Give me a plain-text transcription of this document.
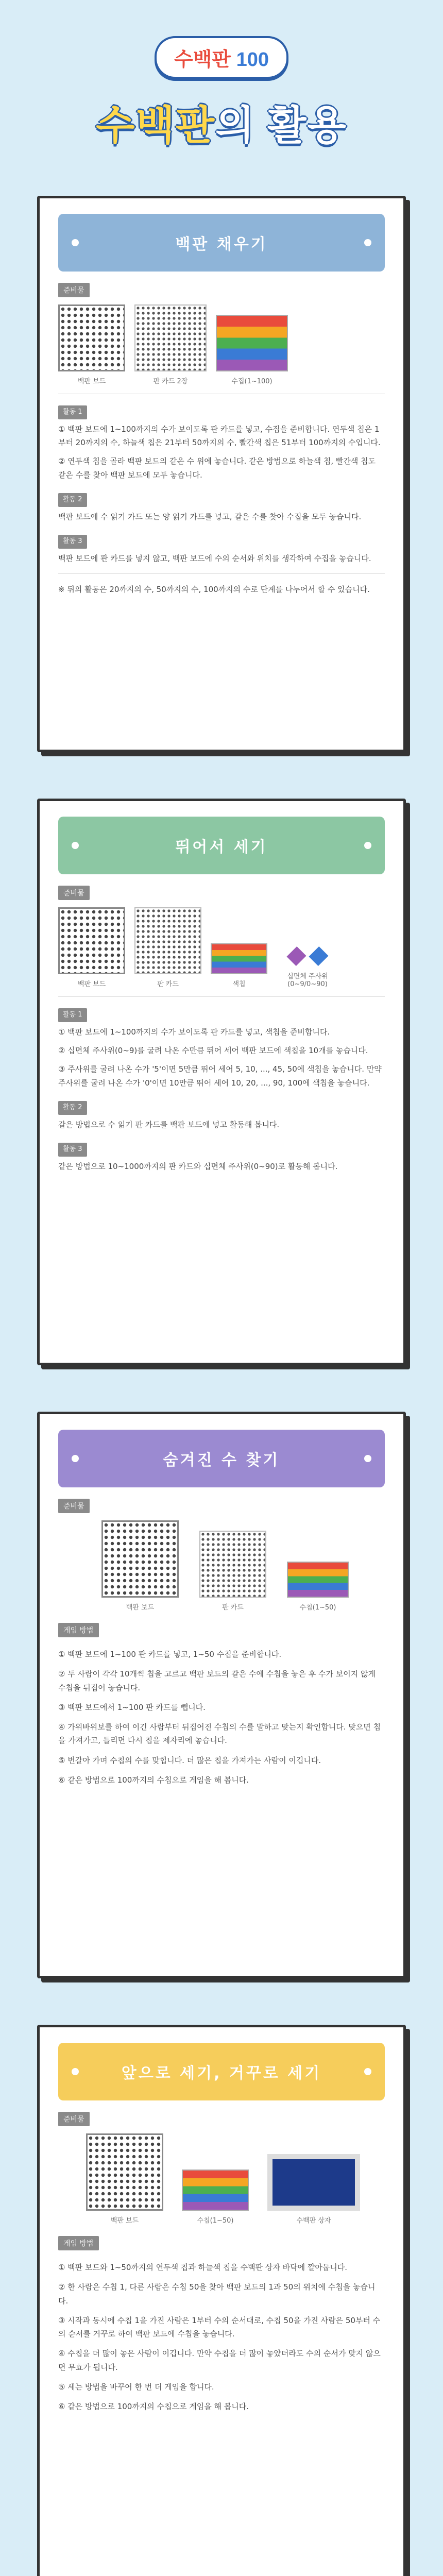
수백판 100
수백판의 활용
백판 채우기
준비물
백판 보드	판 카드 2장	수집(1~100)
활동 1

① 백판 보드에 1~100까지의 수가 보이도록 판 카드를 넣고, 수집을 준비합니다. 연두색 칩은 1부터 20까지의 수, 하늘색 칩은 21부터 50까지의 수, 빨간색 칩은 51부터 100까지의 수입니다.

② 연두색 칩을 골라 백판 보드의 같은 수 위에 놓습니다. 같은 방법으로 하늘색 칩, 빨간색 칩도 같은 수를 찾아 백판 보드에 모두 놓습니다.

활동 2

백판 보드에 수 읽기 카드 또는 양 읽기 카드를 넣고, 같은 수를 찾아 수집을 모두 놓습니다.

활동 3

백판 보드에 판 카드를 넣지 않고, 백판 보드에 수의 순서와 위치를 생각하여 수집을 놓습니다.

※ 뒤의 활동은 20까지의 수, 50까지의 수, 100까지의 수로 단계를 나누어서 할 수 있습니다.
뛰어서 세기
준비물
백판 보드	판 카드	색칩
십면체 주사위 (0~9/0~90)
활동 1

① 백판 보드에 1~100까지의 수가 보이도록 판 카드를 넣고, 색칩을 준비합니다.

② 십면체 주사위(0~9)를 굴려 나온 수만큼 뛰어 세어 백판 보드에 색칩을 10개를 놓습니다.

③ 주사위를 굴려 나온 수가 '5'이면 5만큼 뛰어 세어 5, 10, ..., 45, 50에 색칩을 놓습니다. 만약 주사위를 굴려 나온 수가 '0'이면 10만큼 뛰어 세어 10, 20, ..., 90, 100에 색칩을 놓습니다.

활동 2

같은 방법으로 수 읽기 판 카드를 백판 보드에 넣고 활동해 봅니다.

활동 3

같은 방법으로 10~1000까지의 판 카드와 십면체 주사위(0~90)로 활동해 봅니다.

숨겨진 수 찾기
준비물
백판 보드	판 카드	수칩(1~50)
게임 방법

① 백판 보드에 1~100 판 카드를 넣고, 1~50 수칩을 준비합니다.

② 두 사람이 각각 10개씩 칩을 고르고 백판 보드의 같은 수에 수칩을 놓은 후 수가 보이지 않게 수칩을 뒤집어 놓습니다.

③ 백판 보드에서 1~100 판 카드를 뺍니다.

④ 가위바위보를 하여 이긴 사람부터 뒤집어진 수칩의 수를 말하고 맞는지 확인합니다. 맞으면 칩을 가져가고, 틀리면 다시 칩을 제자리에 놓습니다.

⑤ 번갈아 가며 수칩의 수를 맞힙니다. 더 많은 칩을 가져가는 사람이 이깁니다.

⑥ 같은 방법으로 100까지의 수칩으로 게임을 해 봅니다.

앞으로 세기, 거꾸로 세기
준비물
백판 보드	수칩(1~50)	수백판 상자
게임 방법

① 백판 보드와 1~50까지의 연두색 칩과 하늘색 칩을 수백판 상자 바닥에 깔아둡니다.

② 한 사람은 수칩 1, 다른 사람은 수칩 50을 찾아 백판 보드의 1과 50의 위치에 수칩을 놓습니다.

③ 시작과 동시에 수칩 1을 가진 사람은 1부터 수의 순서대로, 수칩 50을 가진 사람은 50부터 수의 순서를 거꾸로 하여 백판 보드에 수칩을 놓습니다.

④ 수칩을 더 많이 놓은 사람이 이깁니다. 만약 수칩을 더 많이 놓았더라도 수의 순서가 맞지 않으면 무효가 됩니다.

⑤ 세는 방법을 바꾸어 한 번 더 게임을 합니다.

⑥ 같은 방법으로 100까지의 수칩으로 게임을 해 봅니다.
